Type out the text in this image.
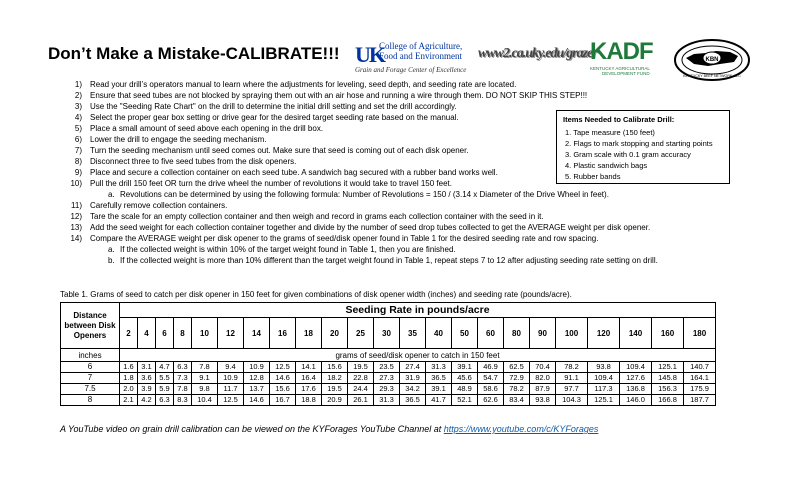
Don’t Make a Mistake-CALIBRATE!!! UK
College of Agriculture,
Food and Environment
Grain and Forage Center of Excellence
www2.ca.uky.edu/grazer
KADF
KENTUCKY AGRICULTURAL
DEVELOPMENT FUND
KBN
KENTUCKY BEEF NETWORK, LLC
1) Read your drill’s operators manual to learn where the adjustments for leveling, seed depth, and seeding rate are located.
2) Ensure that seed tubes are not blocked by spraying them out with an air hose and running a wire through them. DO NOT SKIP THIS STEP!!!
3) Use the "Seeding Rate Chart" on the drill to determine the initial drill setting and set the drill accordingly.
4) Select the proper gear box setting or drive gear for the desired target seeding rate based on the manual.
5) Place a small amount of seed above each opening in the drill box.
6) Lower the drill to engage the seeding mechanism.
7) Turn the seeding mechanism until seed comes out. Make sure that seed is coming out of each disk opener.
8) Disconnect three to five seed tubes from the disk openers.
9) Place and secure a collection container on each seed tube. A sandwich bag secured with a rubber band works well.
10) Pull the drill 150 feet OR turn the drive wheel the number of revolutions it would take to travel 150 feet.
a. Revolutions can be determined by using the following formula: Number of Revolutions = 150 / (3.14 x Diameter of the Drive Wheel in feet).
11) Carefully remove collection containers.
12) Tare the scale for an empty collection container and then weigh and record in grams each collection container with the seed in it.
13) Add the seed weight for each collection container together and divide by the number of seed drop tubes collected to get the AVERAGE weight per disk opener.
14) Compare the AVERAGE weight per disk opener to the grams of seed/disk opener found in Table 1 for the desired seeding rate and row spacing.
a. If the collected weight is within 10% of the target weight found in Table 1, then you are finished.
b. If the collected weight is more than 10% different than the target weight found in Table 1, repeat steps 7 to 12 after adjusting seeding rate setting on drill.
Items Needed to Calibrate Drill:
1. Tape measure (150 feet)
2. Flags to mark stopping and starting points
3. Gram scale with 0.1 gram accuracy
4. Plastic sandwich bags
5. Rubber bands
Table 1. Grams of seed to catch per disk opener in 150 feet for given combinations of disk opener width (inches) and seeding rate (pounds/acre).
Distance between Disk Openers	Seeding Rate in pounds/acre																						
	2	4	6	8	10	12	14	16	18	20	25	30	35	40	50	60	80	90	100	120	140	160	180
inches	grams of seed/disk opener to catch in 150 feet																						
6	1.6	3.1	4.7	6.3	7.8	9.4	10.9	12.5	14.1	15.6	19.5	23.5	27.4	31.3	39.1	46.9	62.5	70.4	78.2	93.8	109.4	125.1	140.7
7	1.8	3.6	5.5	7.3	9.1	10.9	12.8	14.6	16.4	18.2	22.8	27.3	31.9	36.5	45.6	54.7	72.9	82.0	91.1	109.4	127.6	145.8	164.1
7.5	2.0	3.9	5.9	7.8	9.8	11.7	13.7	15.6	17.6	19.5	24.4	29.3	34.2	39.1	48.9	58.6	78.2	87.9	97.7	117.3	136.8	156.3	175.9
8	2.1	4.2	6.3	8.3	10.4	12.5	14.6	16.7	18.8	20.9	26.1	31.3	36.5	41.7	52.1	62.6	83.4	93.8	104.3	125.1	146.0	166.8	187.7
A YouTube video on grain drill calibration can be viewed on the KYForages YouTube Channel at https://www.youtube.com/c/KYForages
